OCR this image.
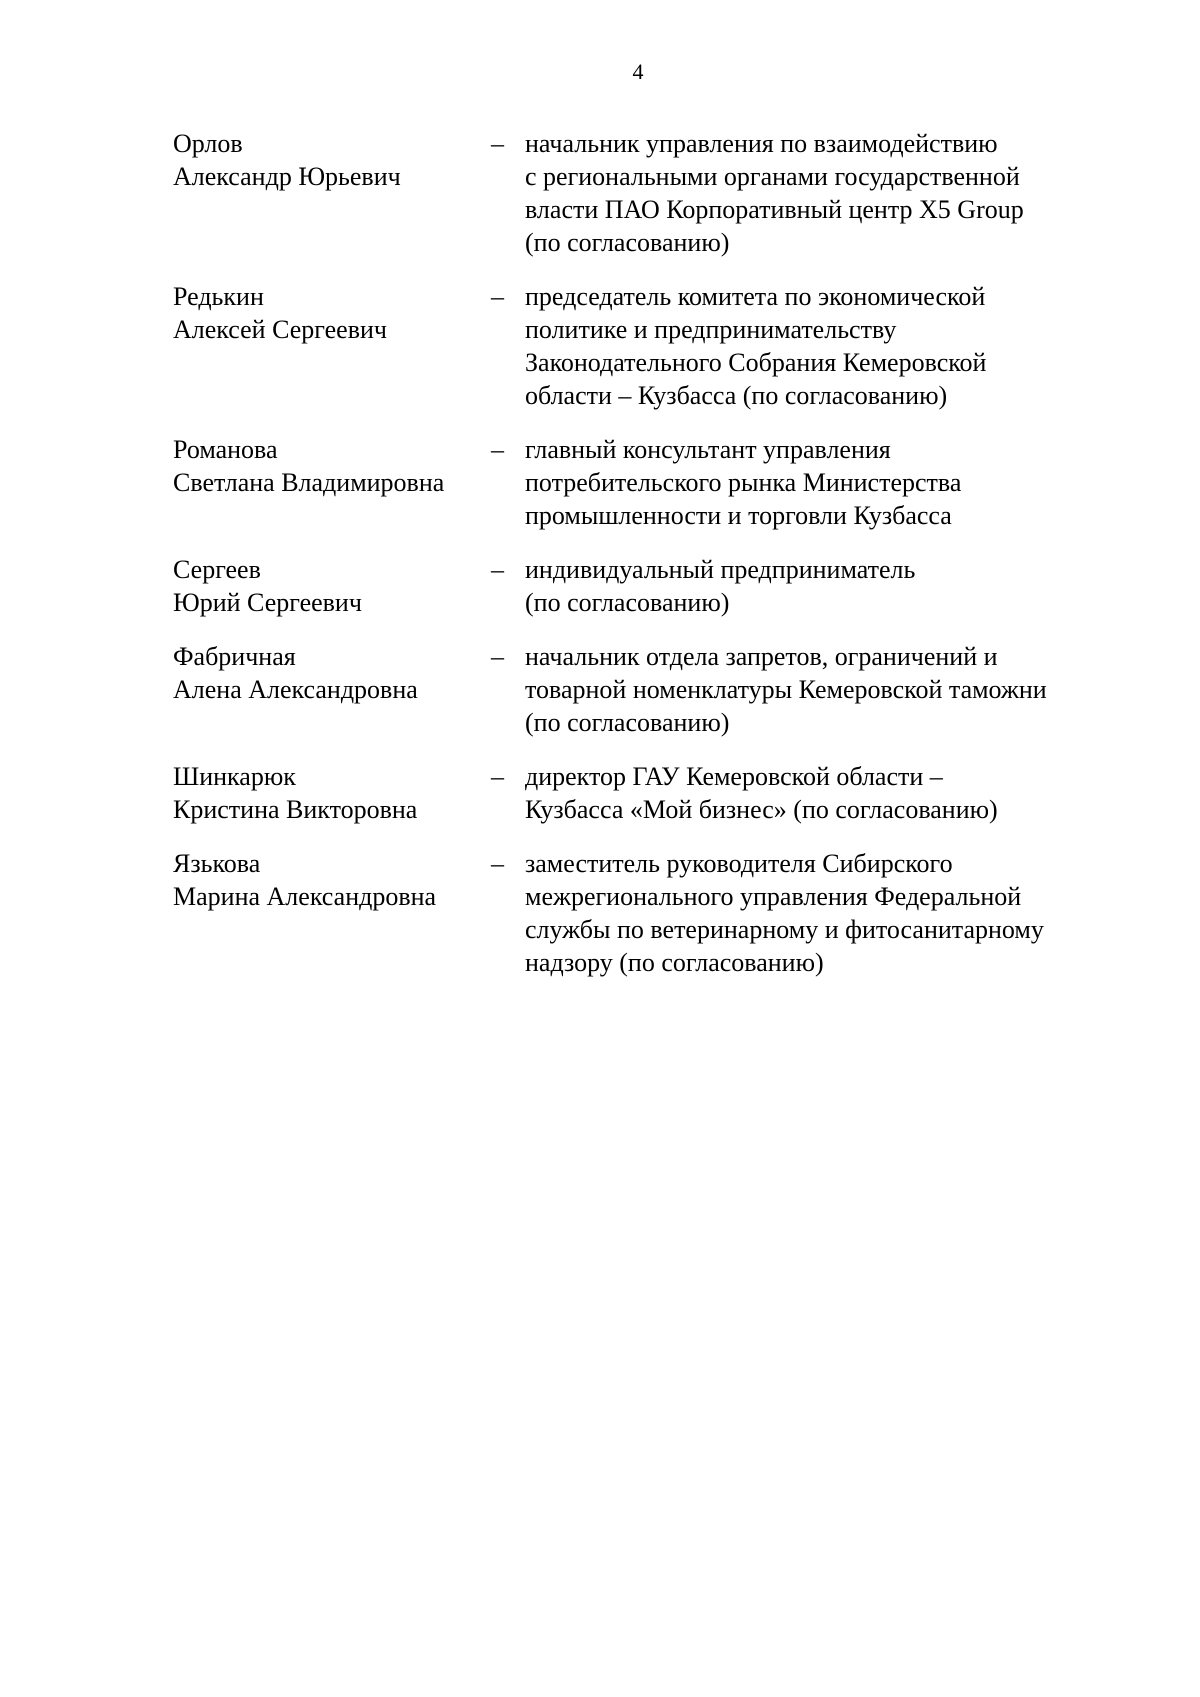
4
Орлов
Александр Юрьевич
– начальник управления по взаимодействию
с региональными органами государственной
власти ПАО Корпоративный центр X5 Group
(по согласованию)
Редькин
Алексей Сергеевич
– председатель комитета по экономической
политике и предпринимательству
Законодательного Собрания Кемеровской
области – Кузбасса (по согласованию)
Романова
Светлана Владимировна
– главный консультант управления
потребительского рынка Министерства
промышленности и торговли Кузбасса
Сергеев
Юрий Сергеевич
– индивидуальный предприниматель
(по согласованию)
Фабричная
Алена Александровна
– начальник отдела запретов, ограничений и
товарной номенклатуры Кемеровской таможни
(по согласованию)
Шинкарюк
Кристина Викторовна
– директор ГАУ Кемеровской области –
Кузбасса «Мой бизнес» (по согласованию)
Язькова
Марина Александровна
– заместитель руководителя Сибирского
межрегионального управления Федеральной
службы по ветеринарному и фитосанитарному
надзору (по согласованию)
